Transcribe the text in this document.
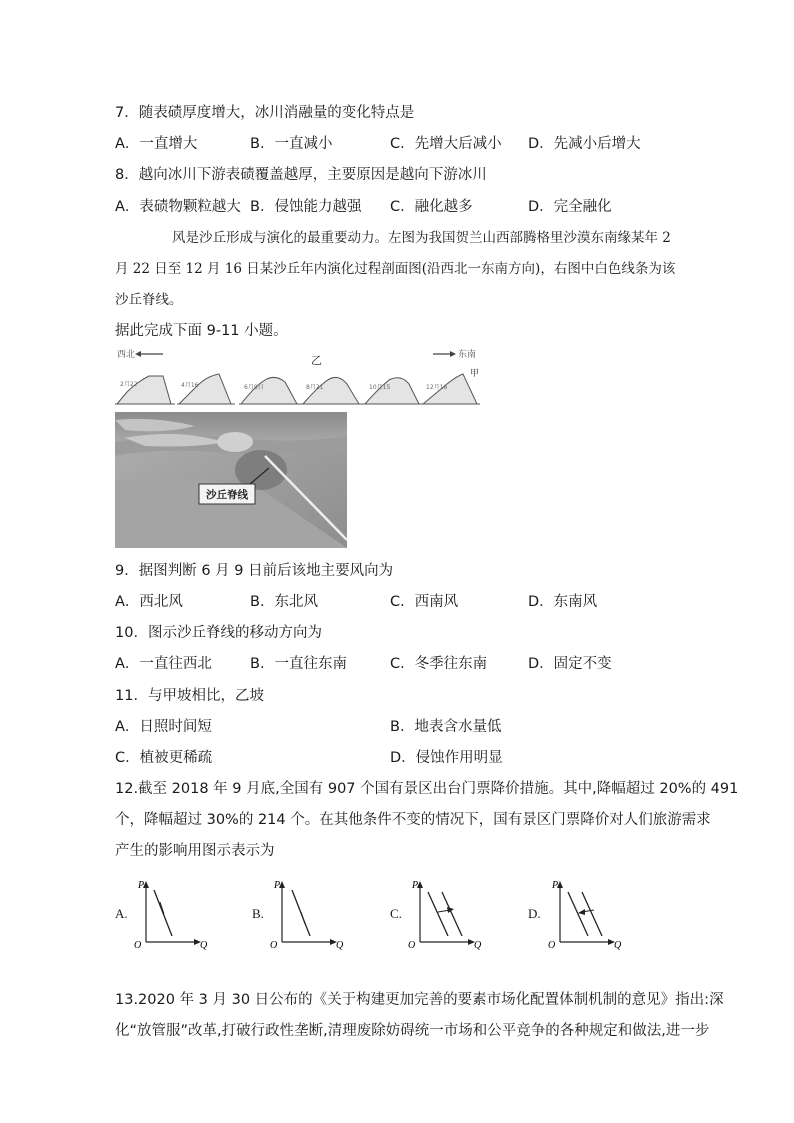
7．随表碛厚度增大，冰川消融量的变化特点是
A．一直增大	B．一直减小	C．先增大后减小 D．先减小后增大
8．越向冰川下游表碛覆盖越厚，主要原因是越向下游冰川
A．表碛物颗粒越大 B．侵蚀能力越强 C．融化越多	D．完全融化
风是沙丘形成与演化的最重要动力。左图为我国贺兰山西部腾格里沙漠东南缘某年 2
月 22 日至 12 月 16 日某沙丘年内演化过程剖面图(沿西北一东南方向)，右图中白色线条为该
沙丘脊线。
据此完成下面 9-11 小题。
西北	东南
乙
甲
2月22	4月16	6月9日	8月21	10月15	12月16
沙丘脊线
9．据图判断 6 月 9 日前后该地主要风向为
A．西北风	B．东北风	C．西南风	D．东南风
10．图示沙丘脊线的移动方向为
A．一直往西北	B．一直往东南	C．冬季往东南	D．固定不变
11．与甲坡相比，乙坡
A．日照时间短	B．地表含水量低
C．植被更稀疏	D．侵蚀作用明显
12.截至 2018 年 9 月底,全国有 907 个国有景区出台门票降价措施。其中,降幅超过 20%的 491
个，降幅超过 30%的 214 个。在其他条件不变的情况下，国有景区门票降价对人们旅游需求
产生的影响用图示表示为
A.
P
O	Q
B.
P
O	Q
C.
P
O	Q
D.
P
O	Q
13.2020 年 3 月 30 日公布的《关于构建更加完善的要素市场化配置体制机制的意见》指出:深
化“放管服”改革,打破行政性垄断,清理废除妨碍统一市场和公平竞争的各种规定和做法,进一步
